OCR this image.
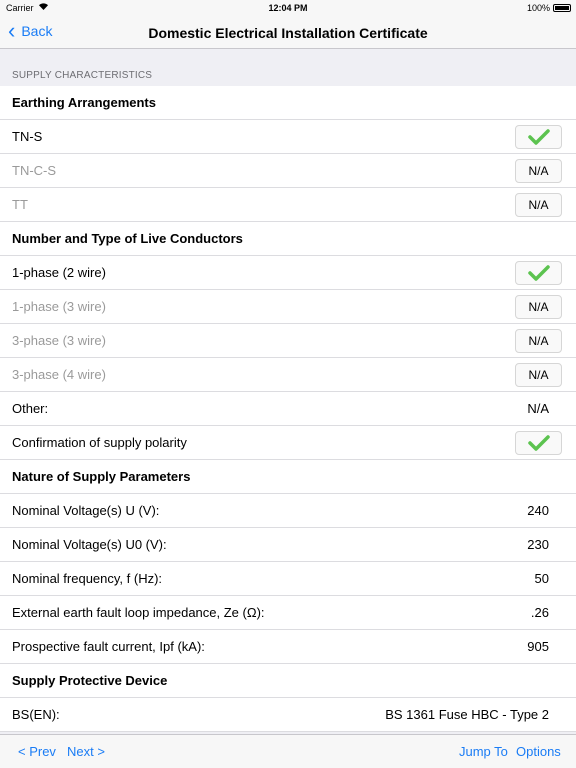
Carrier	12:04 PM	100%
‹ Back	Domestic Electrical Installation Certificate
SUPPLY CHARACTERISTICS
Earthing Arrangements
TN-S
TN-C-S	N/A
TT	N/A
Number and Type of Live Conductors
1-phase (2 wire)
1-phase (3 wire)	N/A
3-phase (3 wire)	N/A
3-phase (4 wire)	N/A
Other:	N/A
Confirmation of supply polarity
Nature of Supply Parameters
Nominal Voltage(s) U (V):	240
Nominal Voltage(s) U0 (V):	230
Nominal frequency, f (Hz):	50
External earth fault loop impedance, Ze (Ω):	.26
Prospective fault current, Ipf (kA):	905
Supply Protective Device
BS(EN):	BS 1361 Fuse HBC - Type 2
< Prev Next >	Jump To Options
